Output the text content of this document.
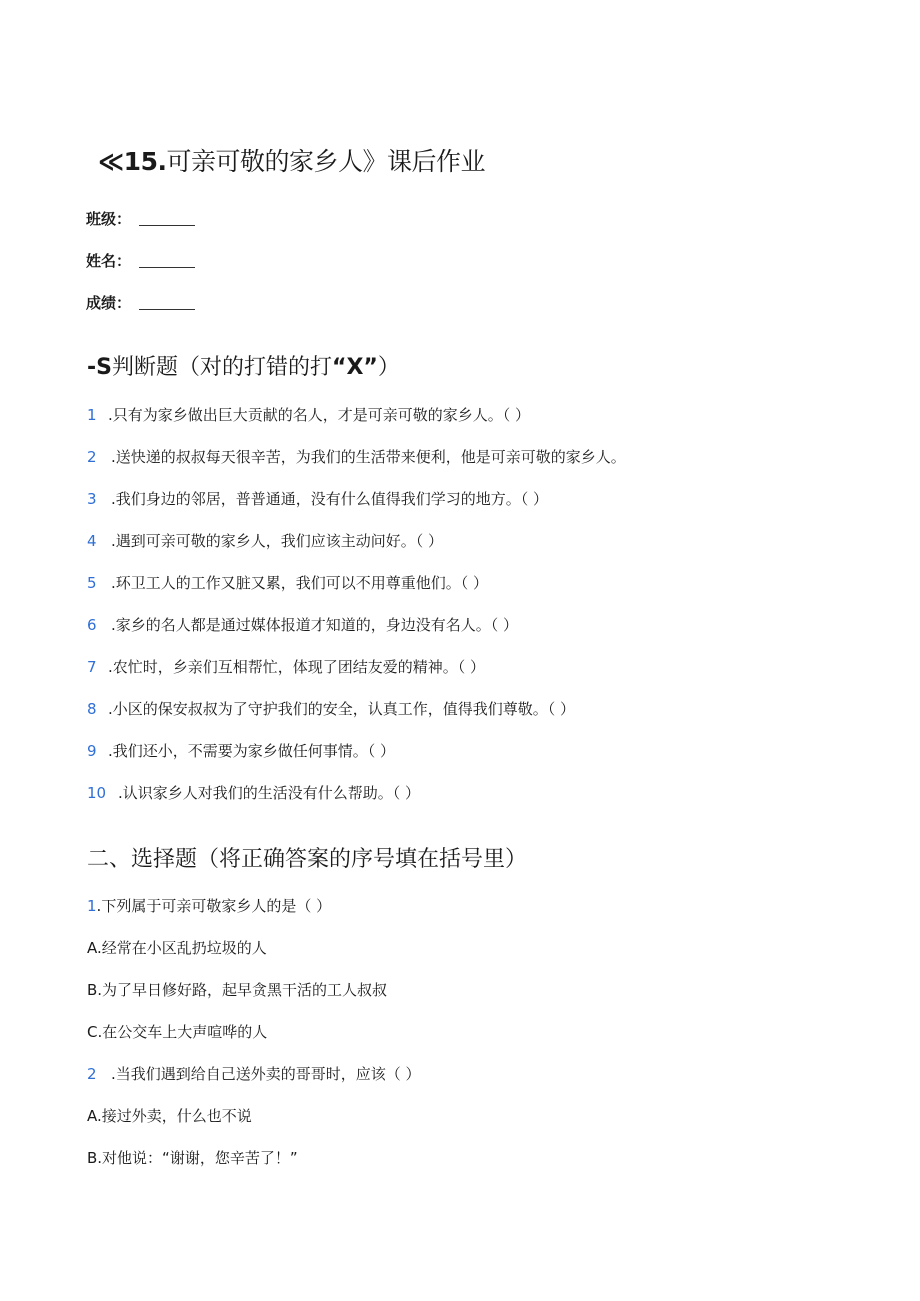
≪15.可亲可敬的家乡人》课后作业
班级：
姓名：
成绩：
-S判断题（对的打错的打“X”）
1 .只有为家乡做出巨大贡献的名人，才是可亲可敬的家乡人。（ ）
2 .送快递的叔叔每天很辛苦，为我们的生活带来便利，他是可亲可敬的家乡人。
3 .我们身边的邻居，普普通通，没有什么值得我们学习的地方。（ ）
4 .遇到可亲可敬的家乡人，我们应该主动问好。（ ）
5 .环卫工人的工作又脏又累，我们可以不用尊重他们。（ ）
6 .家乡的名人都是通过媒体报道才知道的，身边没有名人。（ ）
7 .农忙时，乡亲们互相帮忙，体现了团结友爱的精神。（ ）
8 .小区的保安叔叔为了守护我们的安全，认真工作，值得我们尊敬。（ ）
9 .我们还小，不需要为家乡做任何事情。（ ）
10 .认识家乡人对我们的生活没有什么帮助。（ ）
二、选择题（将正确答案的序号填在括号里）
1.下列属于可亲可敬家乡人的是（ ）
A.经常在小区乱扔垃圾的人
B.为了早日修好路，起早贪黑干活的工人叔叔
C.在公交车上大声喧哗的人
2 .当我们遇到给自己送外卖的哥哥时，应该（ ）
A.接过外卖，什么也不说
B.对他说：“谢谢，您辛苦了！”
